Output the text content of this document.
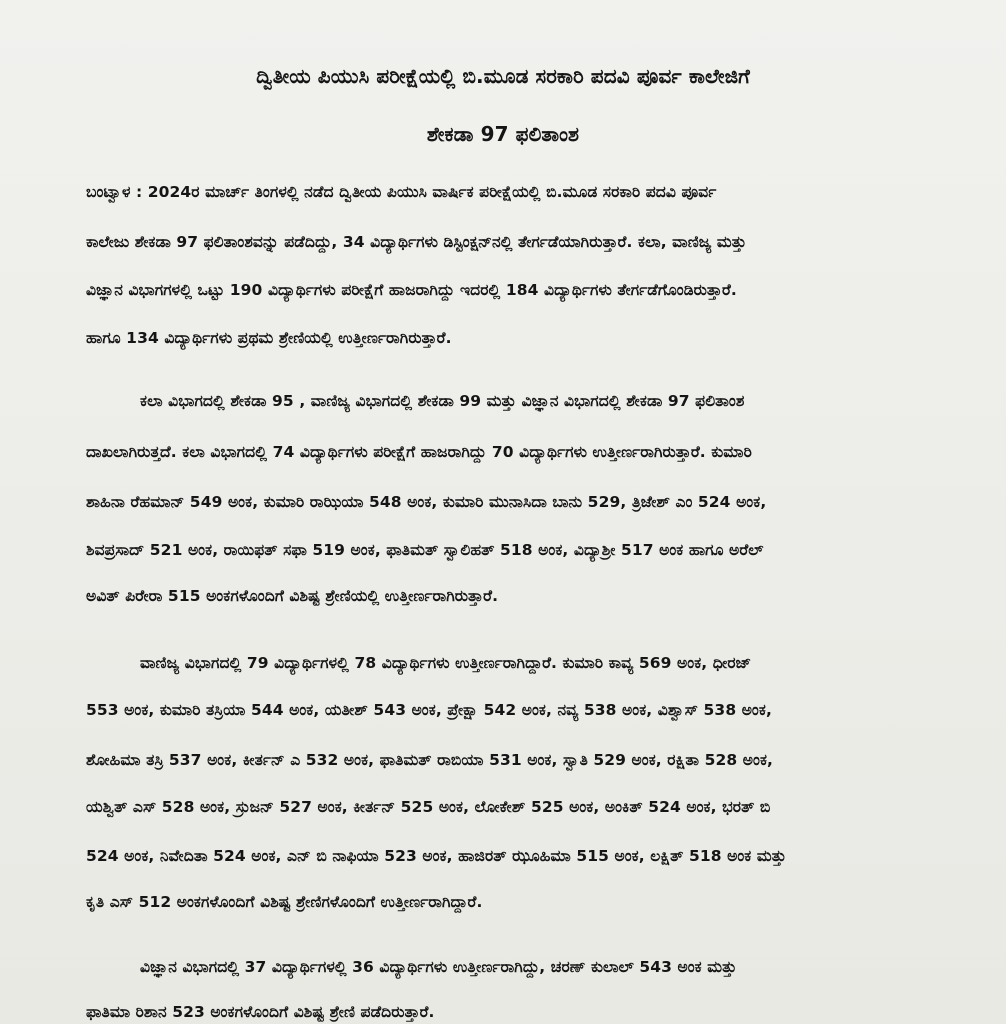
ದ್ವಿತೀಯ ಪಿಯುಸಿ ಪರೀಕ್ಷೆಯಲ್ಲಿ ಬಿ.ಮೂಡ ಸರಕಾರಿ ಪದವಿ ಪೂರ್ವ ಕಾಲೇಜಿಗೆ
ಶೇಕಡಾ 97 ಫಲಿತಾಂಶ
ಬಂಟ್ವಾಳ : 2024ರ ಮಾರ್ಚ್ ತಿಂಗಳಲ್ಲಿ ನಡೆದ ದ್ವಿತೀಯ ಪಿಯುಸಿ ವಾರ್ಷಿಕ ಪರೀಕ್ಷೆಯಲ್ಲಿ ಬಿ.ಮೂಡ ಸರಕಾರಿ ಪದವಿ ಪೂರ್ವ
ಕಾಲೇಜು ಶೇಕಡಾ 97 ಫಲಿತಾಂಶವನ್ನು ಪಡೆದಿದ್ದು, 34 ವಿದ್ಯಾರ್ಥಿಗಳು ಡಿಸ್ಟಿಂಕ್ಷನ್‌ನಲ್ಲಿ ತೇರ್ಗಡೆಯಾಗಿರುತ್ತಾರೆ. ಕಲಾ, ವಾಣಿಜ್ಯ ಮತ್ತು
ವಿಜ್ಞಾನ ವಿಭಾಗಗಳಲ್ಲಿ ಒಟ್ಟು 190 ವಿದ್ಯಾರ್ಥಿಗಳು ಪರೀಕ್ಷೆಗೆ ಹಾಜರಾಗಿದ್ದು ಇದರಲ್ಲಿ 184 ವಿದ್ಯಾರ್ಥಿಗಳು ತೇರ್ಗಡೆಗೊಂಡಿರುತ್ತಾರೆ.
ಹಾಗೂ 134 ವಿದ್ಯಾರ್ಥಿಗಳು ಪ್ರಥಮ ಶ್ರೇಣಿಯಲ್ಲಿ ಉತ್ತೀರ್ಣರಾಗಿರುತ್ತಾರೆ.
ಕಲಾ ವಿಭಾಗದಲ್ಲಿ ಶೇಕಡಾ 95 , ವಾಣಿಜ್ಯ ವಿಭಾಗದಲ್ಲಿ ಶೇಕಡಾ 99 ಮತ್ತು ವಿಜ್ಞಾನ ವಿಭಾಗದಲ್ಲಿ ಶೇಕಡಾ 97 ಫಲಿತಾಂಶ
ದಾಖಲಾಗಿರುತ್ತದೆ. ಕಲಾ ವಿಭಾಗದಲ್ಲಿ 74 ವಿದ್ಯಾರ್ಥಿಗಳು ಪರೀಕ್ಷೆಗೆ ಹಾಜರಾಗಿದ್ದು 70 ವಿದ್ಯಾರ್ಥಿಗಳು ಉತ್ತೀರ್ಣರಾಗಿರುತ್ತಾರೆ. ಕುಮಾರಿ
ಶಾಹಿನಾ ರೆಹಮಾನ್ 549 ಅಂಕ, ಕುಮಾರಿ ರಾಝಿಯಾ 548 ಅಂಕ, ಕುಮಾರಿ ಮುನಾಸಿದಾ ಬಾನು 529, ತ್ರಿಜೇಶ್ ಎಂ 524 ಅಂಕ,
ಶಿವಪ್ರಸಾದ್ 521 ಅಂಕ, ರಾಯಿಫತ್ ಸಫಾ 519 ಅಂಕ, ಫಾತಿಮತ್ ಸ್ವಾಲಿಹತ್ 518 ಅಂಕ, ವಿದ್ಯಾಶ್ರೀ 517 ಅಂಕ ಹಾಗೂ ಅರೆಲ್
ಅವಿತ್ ಪಿರೇರಾ 515 ಅಂಕಗಳೊಂದಿಗೆ ವಿಶಿಷ್ಟ ಶ್ರೇಣಿಯಲ್ಲಿ ಉತ್ತೀರ್ಣರಾಗಿರುತ್ತಾರೆ.
ವಾಣಿಜ್ಯ ವಿಭಾಗದಲ್ಲಿ 79 ವಿದ್ಯಾರ್ಥಿಗಳಲ್ಲಿ 78 ವಿದ್ಯಾರ್ಥಿಗಳು ಉತ್ತೀರ್ಣರಾಗಿದ್ದಾರೆ. ಕುಮಾರಿ ಕಾವ್ಯ 569 ಅಂಕ, ಧೀರಜ್
553 ಅಂಕ, ಕುಮಾರಿ ತಸ್ರಿಯಾ 544 ಅಂಕ, ಯತೀಶ್ 543 ಅಂಕ, ಪ್ರೇಕ್ಷಾ 542 ಅಂಕ, ನವ್ಯ 538 ಅಂಕ, ವಿಶ್ವಾಸ್ 538 ಅಂಕ,
ಶೋಹಿಮಾ ತಸ್ರಿ 537 ಅಂಕ, ಕೀರ್ತನ್ ಎ 532 ಅಂಕ, ಫಾತಿಮತ್ ರಾಬಿಯಾ 531 ಅಂಕ, ಸ್ವಾತಿ 529 ಅಂಕ, ರಕ್ಷಿತಾ 528 ಅಂಕ,
ಯಶ್ವಿತ್ ಎಸ್ 528 ಅಂಕ, ಸ್ರುಜನ್ 527 ಅಂಕ, ಕೀರ್ತನ್ 525 ಅಂಕ, ಲೋಕೇಶ್ 525 ಅಂಕ, ಅಂಕಿತ್ 524 ಅಂಕ, ಭರತ್ ಬಿ
524 ಅಂಕ, ನಿವೇದಿತಾ 524 ಅಂಕ, ಎನ್ ಬಿ ನಾಫಿಯಾ 523 ಅಂಕ, ಹಾಜಿರತ್ ಝೂಹಿಮಾ 515 ಅಂಕ, ಲಕ್ಷಿತ್ 518 ಅಂಕ ಮತ್ತು
ಕೃತಿ ಎಸ್ 512 ಅಂಕಗಳೊಂದಿಗೆ ವಿಶಿಷ್ಟ ಶ್ರೇಣಿಗಳೊಂದಿಗೆ ಉತ್ತೀರ್ಣರಾಗಿದ್ದಾರೆ.
ವಿಜ್ಞಾನ ವಿಭಾಗದಲ್ಲಿ 37 ವಿದ್ಯಾರ್ಥಿಗಳಲ್ಲಿ 36 ವಿದ್ಯಾರ್ಥಿಗಳು ಉತ್ತೀರ್ಣರಾಗಿದ್ದು, ಚರಣ್ ಕುಲಾಲ್ 543 ಅಂಕ ಮತ್ತು
ಫಾತಿಮಾ ರಿಶಾನ 523 ಅಂಕಗಳೊಂದಿಗೆ ವಿಶಿಷ್ಟ ಶ್ರೇಣಿ ಪಡೆದಿರುತ್ತಾರೆ.
